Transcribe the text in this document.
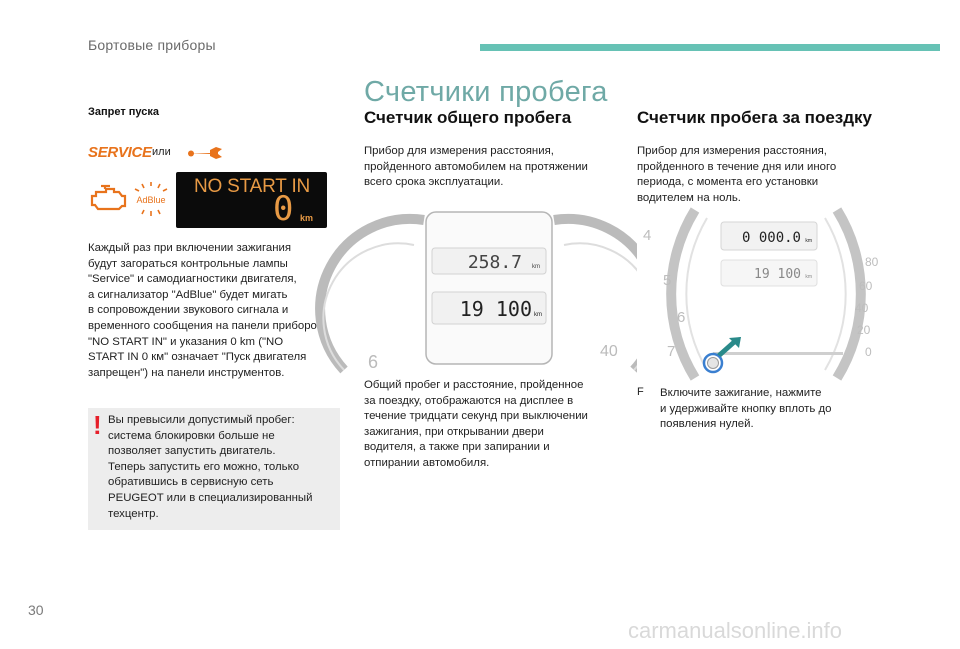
Бортовые приборы
Счетчики пробега
Запрет пуска
SERVICE или
AdBlue
NO START IN
0 km
Каждый раз при включении зажигания
будут загораться контрольные лампы
"Service" и самодиагностики двигателя,
а сигнализатор "AdBlue" будет мигать
в сопровождении звукового сигнала и
временного сообщения на панели приборов
"NO START IN" и указания 0 km ("NO
START IN 0 км" означает "Пуск двигателя
запрещен") на панели инструментов.
! Вы превысили допустимый пробег:
система блокировки больше не
позволяет запустить двигатель.
Теперь запустить его можно, только
обратившись в сервисную сеть
PEUGEOT или в специализированный
техцентр.
Счетчик общего пробега
Прибор для измерения расстояния,
пройденного автомобилем на протяжении
всего срока эксплуатации.
258.7 km
19 100 km
6
40
Общий пробег и расстояние, пройденное
за поездку, отображаются на дисплее в
течение тридцати секунд при выключении
зажигания, при открывании двери
водителя, а также при запирании и
отпирании автомобиля.
Счетчик пробега за поездку
Прибор для измерения расстояния,
пройденного в течение дня или иного
периода, с момента его установки
водителем на ноль.
0 000.0 km
19 100 km
4
5
6
7
80
60
40
20
0
F Включите зажигание, нажмите
и удерживайте кнопку вплоть до
появления нулей.
30
carmanualsonline.info
